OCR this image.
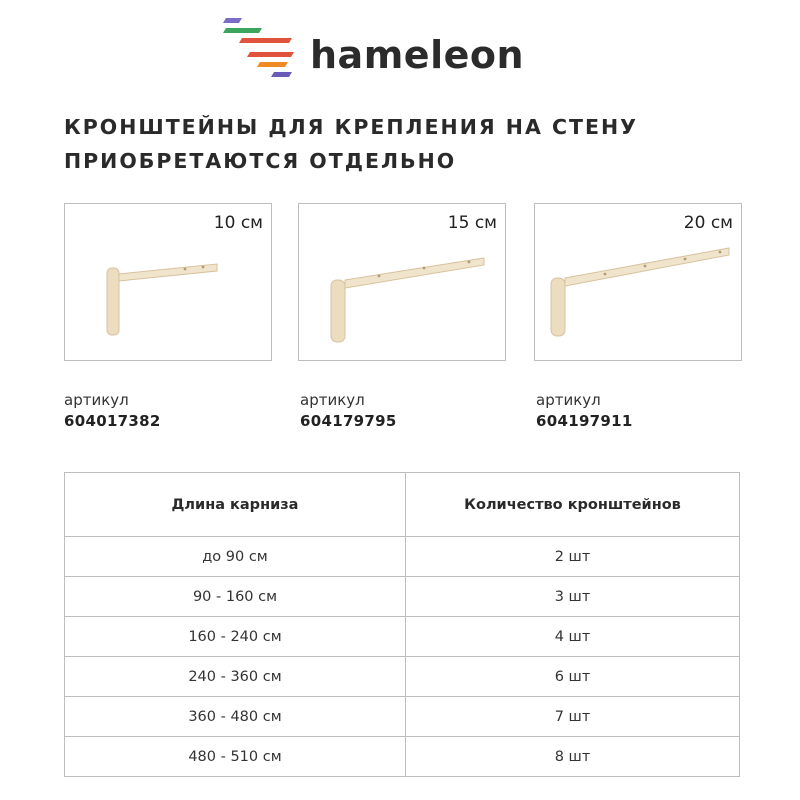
hameleon
КРОНШТЕЙНЫ ДЛЯ КРЕПЛЕНИЯ НА СТЕНУ
ПРИОБРЕТАЮТСЯ ОТДЕЛЬНО
10 см	15 см	20 см
артикул
604017382
артикул
604179795
артикул
604197911
Длина карниза	Количество кронштейнов
до 90 см	2 шт
90 - 160 см	3 шт
160 - 240 см	4 шт
240 - 360 см	6 шт
360 - 480 см	7 шт
480 - 510 см	8 шт
